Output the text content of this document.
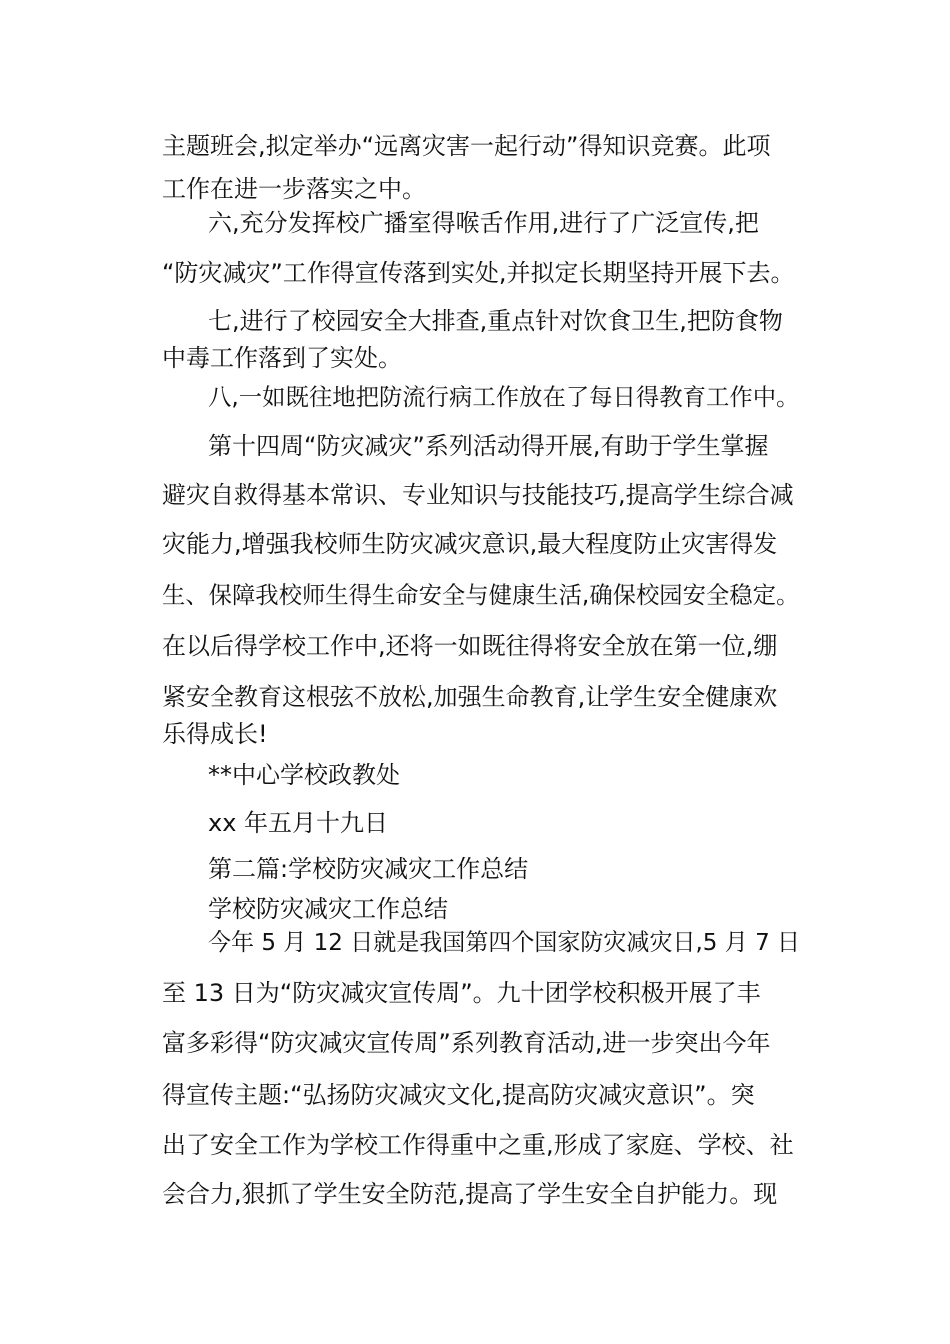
主题班会,拟定举办“远离灾害一起行动”得知识竞赛。此项
工作在进一步落实之中。
六,充分发挥校广播室得喉舌作用,进行了广泛宣传,把
“防灾减灾”工作得宣传落到实处,并拟定长期坚持开展下去。
七,进行了校园安全大排查,重点针对饮食卫生,把防食物
中毒工作落到了实处。
八,一如既往地把防流行病工作放在了每日得教育工作中。
第十四周“防灾减灾”系列活动得开展,有助于学生掌握
避灾自救得基本常识、专业知识与技能技巧,提高学生综合减
灾能力,增强我校师生防灾减灾意识,最大程度防止灾害得发
生、保障我校师生得生命安全与健康生活,确保校园安全稳定。
在以后得学校工作中,还将一如既往得将安全放在第一位,绷
紧安全教育这根弦不放松,加强生命教育,让学生安全健康欢
乐得成长!
**中心学校政教处
xx 年五月十九日
第二篇:学校防灾减灾工作总结
学校防灾减灾工作总结
今年 5 月 12 日就是我国第四个国家防灾减灾日,5 月 7 日
至 13 日为“防灾减灾宣传周”。九十团学校积极开展了丰
富多彩得“防灾减灾宣传周”系列教育活动,进一步突出今年
得宣传主题:“弘扬防灾减灾文化,提高防灾减灾意识”。突
出了安全工作为学校工作得重中之重,形成了家庭、学校、社
会合力,狠抓了学生安全防范,提高了学生安全自护能力。现
